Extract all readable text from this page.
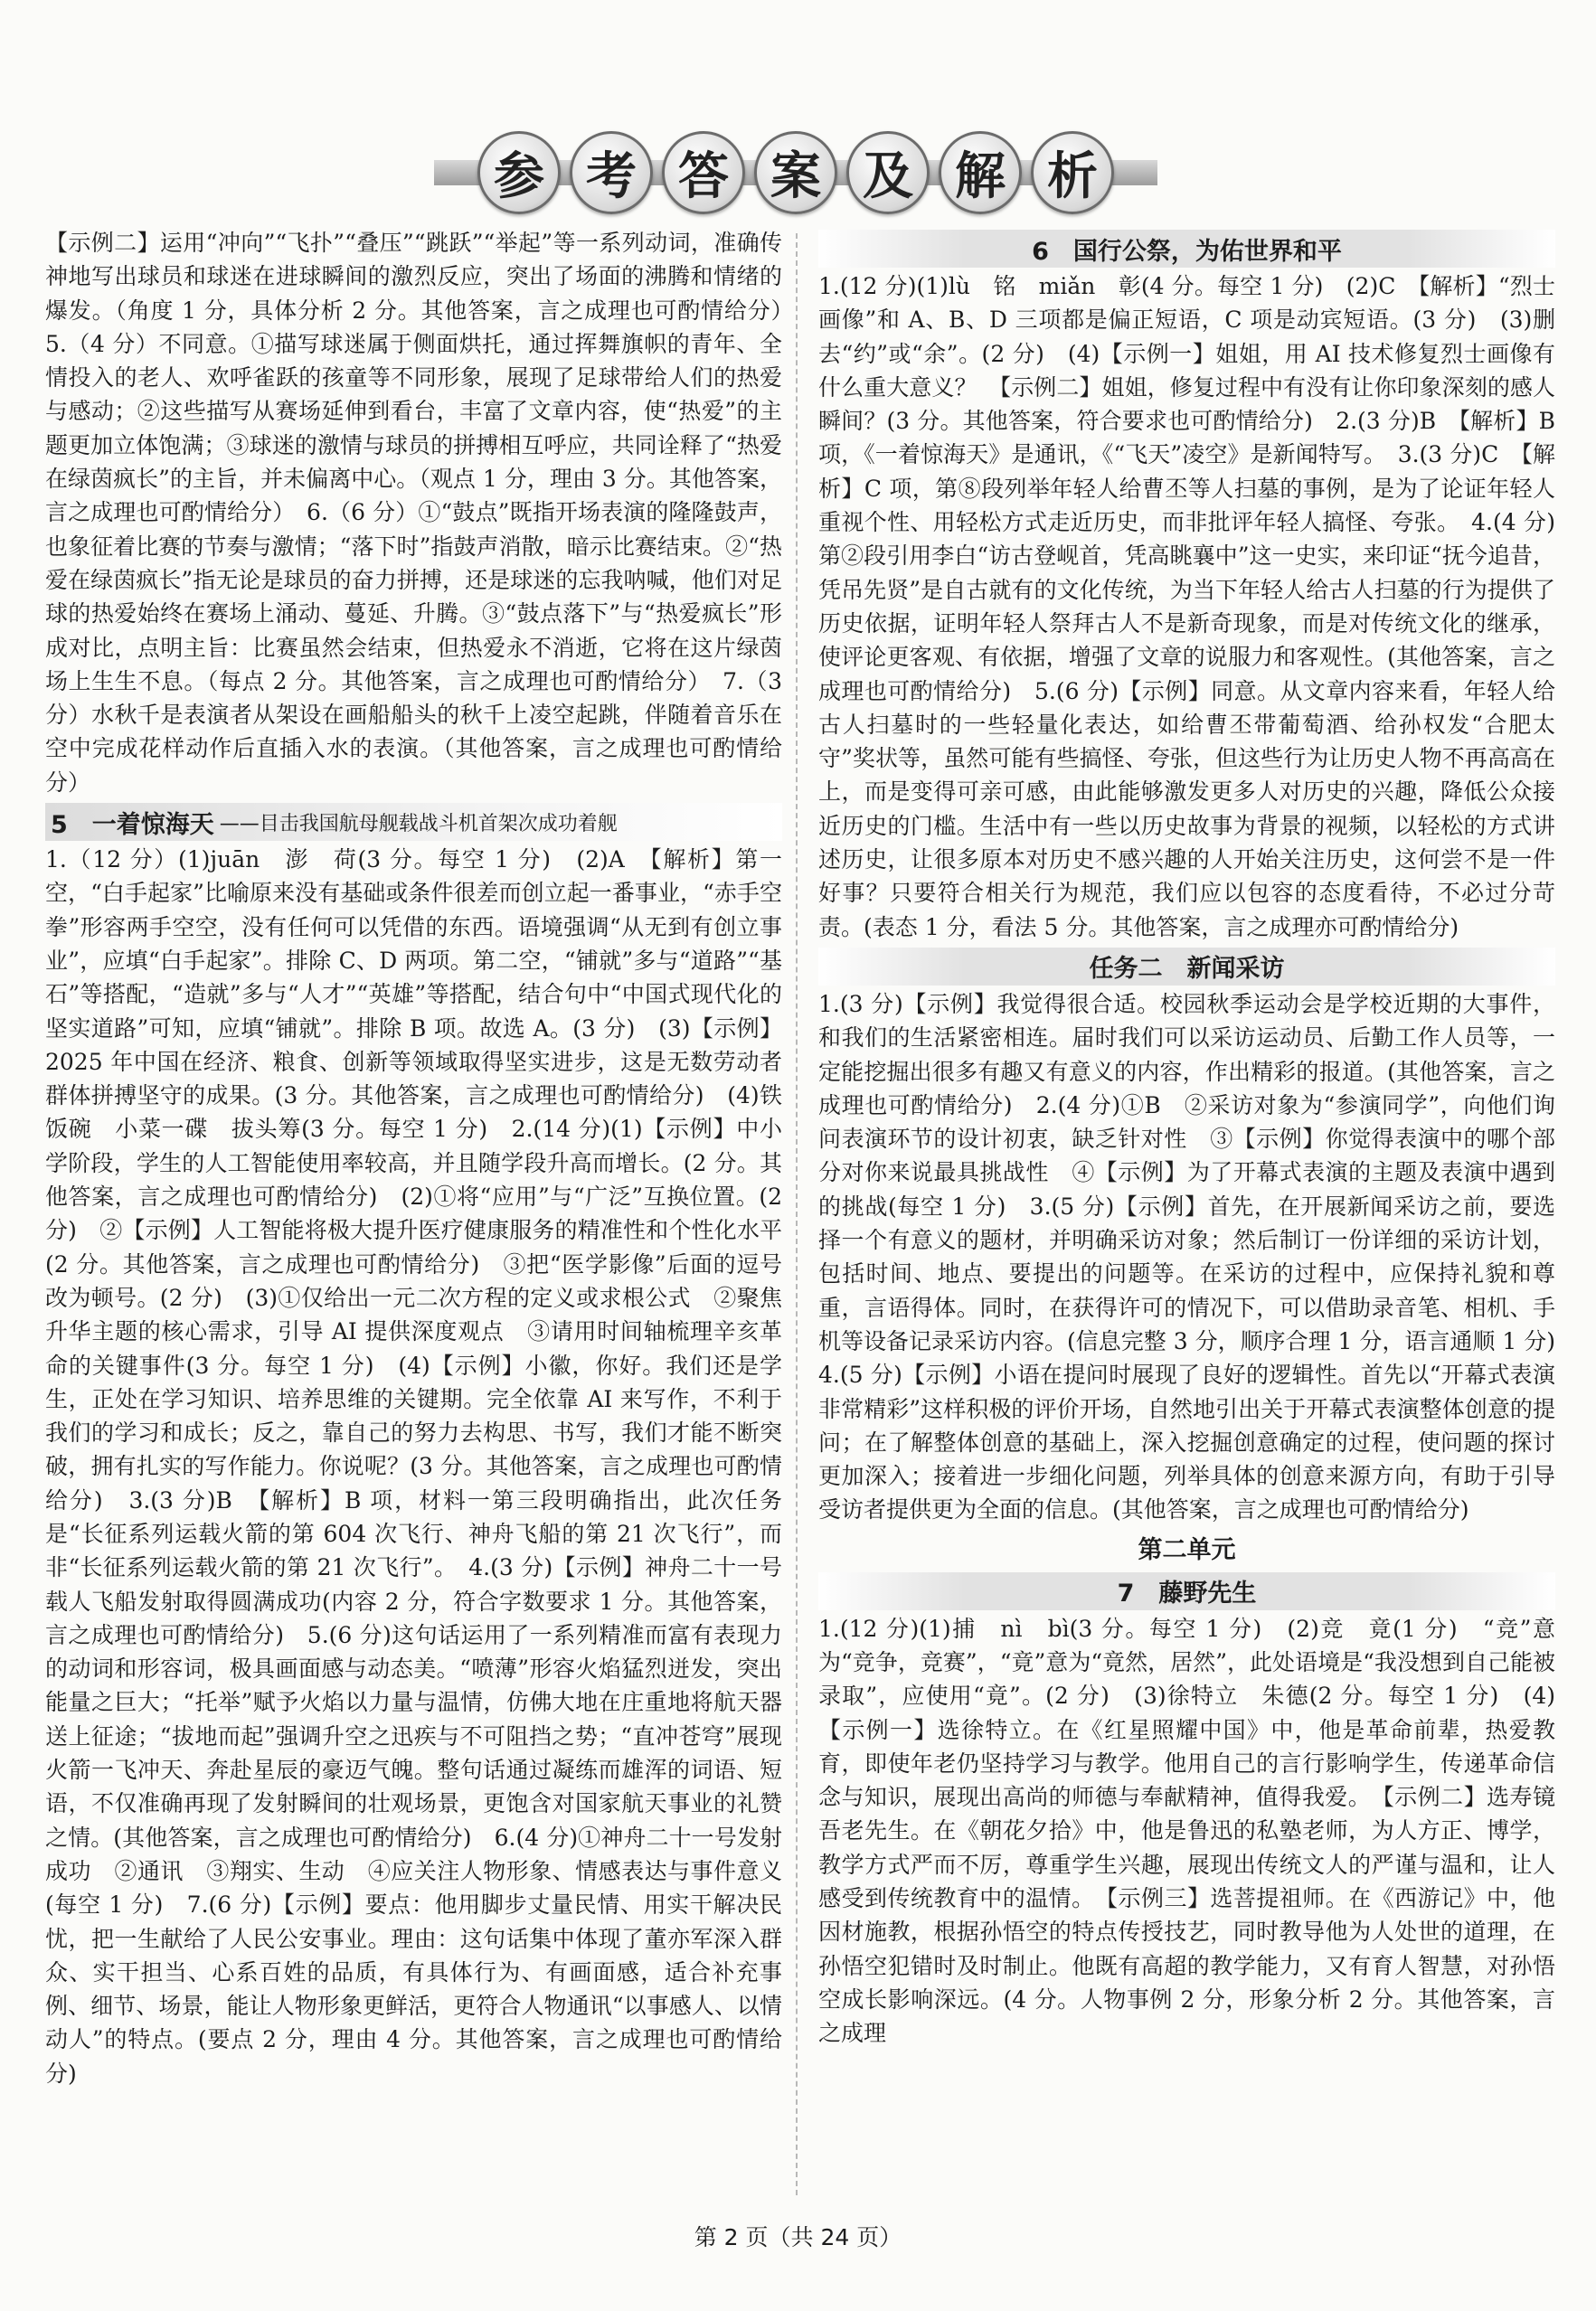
参 考 答 案 及 解 析

【示例二】运用“冲向”“飞扑”“叠压”“跳跃”“举起”等一系列动词，准确传神地写出球员和球迷在进球瞬间的激烈反应，突出了场面的沸腾和情绪的爆发。（角度 1 分，具体分析 2 分。其他答案，言之成理也可酌情给分）　5.（4 分）不同意。①描写球迷属于侧面烘托，通过挥舞旗帜的青年、全情投入的老人、欢呼雀跃的孩童等不同形象，展现了足球带给人们的热爱与感动；②这些描写从赛场延伸到看台，丰富了文章内容，使“热爱”的主题更加立体饱满；③球迷的激情与球员的拼搏相互呼应，共同诠释了“热爱在绿茵疯长”的主旨，并未偏离中心。（观点 1 分，理由 3 分。其他答案，言之成理也可酌情给分）　6.（6 分）①“鼓点”既指开场表演的隆隆鼓声，也象征着比赛的节奏与激情；“落下时”指鼓声消散，暗示比赛结束。②“热爱在绿茵疯长”指无论是球员的奋力拼搏，还是球迷的忘我呐喊，他们对足球的热爱始终在赛场上涌动、蔓延、升腾。③“鼓点落下”与“热爱疯长”形成对比，点明主旨：比赛虽然会结束，但热爱永不消逝，它将在这片绿茵场上生生不息。（每点 2 分。其他答案，言之成理也可酌情给分）　7.（3 分）水秋千是表演者从架设在画船船头的秋千上凌空起跳，伴随着音乐在空中完成花样动作后直插入水的表演。（其他答案，言之成理也可酌情给分）

5　一着惊海天 ——目击我国航母舰载战斗机首架次成功着舰

1.（12 分）(1)juān　澎　荷(3 分。每空 1 分)　(2)A　【解析】第一空，“白手起家”比喻原来没有基础或条件很差而创立起一番事业，“赤手空拳”形容两手空空，没有任何可以凭借的东西。语境强调“从无到有创立事业”，应填“白手起家”。排除 C、D 两项。第二空，“铺就”多与“道路”“基石”等搭配，“造就”多与“人才”“英雄”等搭配，结合句中“中国式现代化的坚实道路”可知，应填“铺就”。排除 B 项。故选 A。(3 分)　(3)【示例】2025 年中国在经济、粮食、创新等领域取得坚实进步，这是无数劳动者群体拼搏坚守的成果。(3 分。其他答案，言之成理也可酌情给分)　(4)铁饭碗　小菜一碟　拔头筹(3 分。每空 1 分)　2.(14 分)(1)【示例】中小学阶段，学生的人工智能使用率较高，并且随学段升高而增长。(2 分。其他答案，言之成理也可酌情给分)　(2)①将“应用”与“广泛”互换位置。(2 分)　②【示例】人工智能将极大提升医疗健康服务的精准性和个性化水平(2 分。其他答案，言之成理也可酌情给分)　③把“医学影像”后面的逗号改为顿号。(2 分)　(3)①仅给出一元二次方程的定义或求根公式　②聚焦升华主题的核心需求，引导 AI 提供深度观点　③请用时间轴梳理辛亥革命的关键事件(3 分。每空 1 分)　(4)【示例】小徽，你好。我们还是学生，正处在学习知识、培养思维的关键期。完全依靠 AI 来写作，不利于我们的学习和成长；反之，靠自己的努力去构思、书写，我们才能不断突破，拥有扎实的写作能力。你说呢？(3 分。其他答案，言之成理也可酌情给分)　3.(3 分)B　【解析】B 项，材料一第三段明确指出，此次任务是“长征系列运载火箭的第 604 次飞行、神舟飞船的第 21 次飞行”，而非“长征系列运载火箭的第 21 次飞行”。　4.(3 分)【示例】神舟二十一号载人飞船发射取得圆满成功(内容 2 分，符合字数要求 1 分。其他答案，言之成理也可酌情给分)　5.(6 分)这句话运用了一系列精准而富有表现力的动词和形容词，极具画面感与动态美。“喷薄”形容火焰猛烈迸发，突出能量之巨大；“托举”赋予火焰以力量与温情，仿佛大地在庄重地将航天器送上征途；“拔地而起”强调升空之迅疾与不可阻挡之势；“直冲苍穹”展现火箭一飞冲天、奔赴星辰的豪迈气魄。整句话通过凝练而雄浑的词语、短语，不仅准确再现了发射瞬间的壮观场景，更饱含对国家航天事业的礼赞之情。(其他答案，言之成理也可酌情给分)　6.(4 分)①神舟二十一号发射成功　②通讯　③翔实、生动　④应关注人物形象、情感表达与事件意义(每空 1 分)　7.(6 分)【示例】要点：他用脚步丈量民情、用实干解决民忧，把一生献给了人民公安事业。理由：这句话集中体现了董亦军深入群众、实干担当、心系百姓的品质，有具体行为、有画面感，适合补充事例、细节、场景，能让人物形象更鲜活，更符合人物通讯“以事感人、以情动人”的特点。(要点 2 分，理由 4 分。其他答案，言之成理也可酌情给分)

6　国行公祭，为佑世界和平

1.(12 分)(1)lù　铭　miǎn　彰(4 分。每空 1 分)　(2)C　【解析】“烈士画像”和 A、B、D 三项都是偏正短语，C 项是动宾短语。(3 分)　(3)删去“约”或“余”。(2 分)　(4)【示例一】姐姐，用 AI 技术修复烈士画像有什么重大意义？　【示例二】姐姐，修复过程中有没有让你印象深刻的感人瞬间？(3 分。其他答案，符合要求也可酌情给分)　2.(3 分)B　【解析】B 项，《一着惊海天》是通讯，《“飞天”凌空》是新闻特写。　3.(3 分)C　【解析】C 项，第⑧段列举年轻人给曹丕等人扫墓的事例，是为了论证年轻人重视个性、用轻松方式走近历史，而非批评年轻人搞怪、夸张。　4.(4 分)第②段引用李白“访古登岘首，凭高眺襄中”这一史实，来印证“抚今追昔，凭吊先贤”是自古就有的文化传统，为当下年轻人给古人扫墓的行为提供了历史依据，证明年轻人祭拜古人不是新奇现象，而是对传统文化的继承，使评论更客观、有依据，增强了文章的说服力和客观性。(其他答案，言之成理也可酌情给分)　5.(6 分)【示例】同意。从文章内容来看，年轻人给古人扫墓时的一些轻量化表达，如给曹丕带葡萄酒、给孙权发“合肥太守”奖状等，虽然可能有些搞怪、夸张，但这些行为让历史人物不再高高在上，而是变得可亲可感，由此能够激发更多人对历史的兴趣，降低公众接近历史的门槛。生活中有一些以历史故事为背景的视频，以轻松的方式讲述历史，让很多原本对历史不感兴趣的人开始关注历史，这何尝不是一件好事？只要符合相关行为规范，我们应以包容的态度看待，不必过分苛责。(表态 1 分，看法 5 分。其他答案，言之成理亦可酌情给分)

任务二　新闻采访

1.(3 分)【示例】我觉得很合适。校园秋季运动会是学校近期的大事件，和我们的生活紧密相连。届时我们可以采访运动员、后勤工作人员等，一定能挖掘出很多有趣又有意义的内容，作出精彩的报道。(其他答案，言之成理也可酌情给分)　2.(4 分)①B　②采访对象为“参演同学”，向他们询问表演环节的设计初衷，缺乏针对性　③【示例】你觉得表演中的哪个部分对你来说最具挑战性　④【示例】为了开幕式表演的主题及表演中遇到的挑战(每空 1 分)　3.(5 分)【示例】首先，在开展新闻采访之前，要选择一个有意义的题材，并明确采访对象；然后制订一份详细的采访计划，包括时间、地点、要提出的问题等。在采访的过程中，应保持礼貌和尊重，言语得体。同时，在获得许可的情况下，可以借助录音笔、相机、手机等设备记录采访内容。(信息完整 3 分，顺序合理 1 分，语言通顺 1 分)　4.(5 分)【示例】小语在提问时展现了良好的逻辑性。首先以“开幕式表演非常精彩”这样积极的评价开场，自然地引出关于开幕式表演整体创意的提问；在了解整体创意的基础上，深入挖掘创意确定的过程，使问题的探讨更加深入；接着进一步细化问题，列举具体的创意来源方向，有助于引导受访者提供更为全面的信息。(其他答案，言之成理也可酌情给分)

第二单元
7　藤野先生

1.(12 分)(1)捕　nì　bì(3 分。每空 1 分)　(2)竞　竟(1 分)　“竞”意为“竞争，竞赛”，“竟”意为“竟然，居然”，此处语境是“我没想到自己能被录取”，应使用“竟”。(2 分)　(3)徐特立　朱德(2 分。每空 1 分)　(4)【示例一】选徐特立。在《红星照耀中国》中，他是革命前辈，热爱教育，即使年老仍坚持学习与教学。他用自己的言行影响学生，传递革命信念与知识，展现出高尚的师德与奉献精神，值得我爱。　【示例二】选寿镜吾老先生。在《朝花夕拾》中，他是鲁迅的私塾老师，为人方正、博学，教学方式严而不厉，尊重学生兴趣，展现出传统文人的严谨与温和，让人感受到传统教育中的温情。　【示例三】选菩提祖师。在《西游记》中，他因材施教，根据孙悟空的特点传授技艺，同时教导他为人处世的道理，在孙悟空犯错时及时制止。他既有高超的教学能力，又有育人智慧，对孙悟空成长影响深远。(4 分。人物事例 2 分，形象分析 2 分。其他答案，言之成理

第 2 页（共 24 页）
